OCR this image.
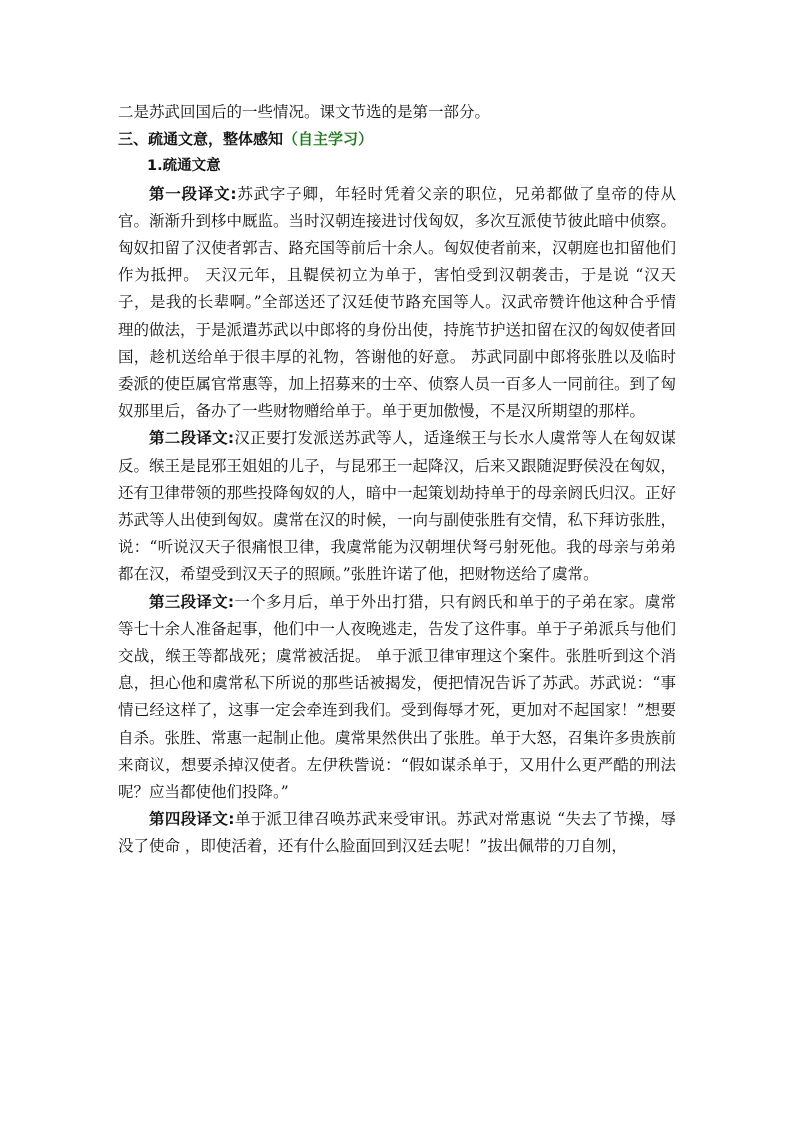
二是苏武回国后的一些情况。课文节选的是第一部分。

三、疏通文意，整体感知（自主学习）

1.疏通文意

第一段译文:苏武字子卿，年轻时凭着父亲的职位，兄弟都做了皇帝的侍从官。渐渐升到栘中厩监。当时汉朝连接进讨伐匈奴，多次互派使节彼此暗中侦察。匈奴扣留了汉使者郭吉、路充国等前后十余人。匈奴使者前来，汉朝庭也扣留他们作为抵押。 天汉元年，且鞮侯初立为单于，害怕受到汉朝袭击，于是说 “汉天子，是我的长辈啊。”全部送还了汉廷使节路充国等人。汉武帝赞许他这种合乎情理的做法，于是派遣苏武以中郎将的身份出使，持旄节护送扣留在汉的匈奴使者回国，趁机送给单于很丰厚的礼物，答谢他的好意。 苏武同副中郎将张胜以及临时委派的使臣属官常惠等，加上招募来的士卒、侦察人员一百多人一同前往。到了匈奴那里后，备办了一些财物赠给单于。单于更加傲慢，不是汉所期望的那样。

第二段译文:汉正要打发派送苏武等人，适逢缑王与长水人虞常等人在匈奴谋反。缑王是昆邪王姐姐的儿子，与昆邪王一起降汉，后来又跟随浞野侯没在匈奴，还有卫律带领的那些投降匈奴的人，暗中一起策划劫持单于的母亲阏氏归汉。正好苏武等人出使到匈奴。虞常在汉的时候，一向与副使张胜有交情，私下拜访张胜，说：“听说汉天子很痛恨卫律，我虞常能为汉朝埋伏弩弓射死他。我的母亲与弟弟都在汉，希望受到汉天子的照顾。”张胜许诺了他，把财物送给了虞常。

第三段译文:一个多月后，单于外出打猎，只有阏氏和单于的子弟在家。虞常等七十余人准备起事，他们中一人夜晚逃走，告发了这件事。单于子弟派兵与他们交战，缑王等都战死；虞常被活捉。 单于派卫律审理这个案件。张胜听到这个消息，担心他和虞常私下所说的那些话被揭发，便把情况告诉了苏武。苏武说：“事情已经这样了，这事一定会牵连到我们。受到侮辱才死，更加对不起国家！”想要自杀。张胜、常惠一起制止他。虞常果然供出了张胜。单于大怒，召集许多贵族前来商议，想要杀掉汉使者。左伊秩訾说：“假如谋杀单于，又用什么更严酷的刑法呢？应当都使他们投降。”

第四段译文:单于派卫律召唤苏武来受审讯。苏武对常惠说 “失去了节操，辱没了使命 ，即使活着，还有什么脸面回到汉廷去呢！”拔出佩带的刀自刎，
